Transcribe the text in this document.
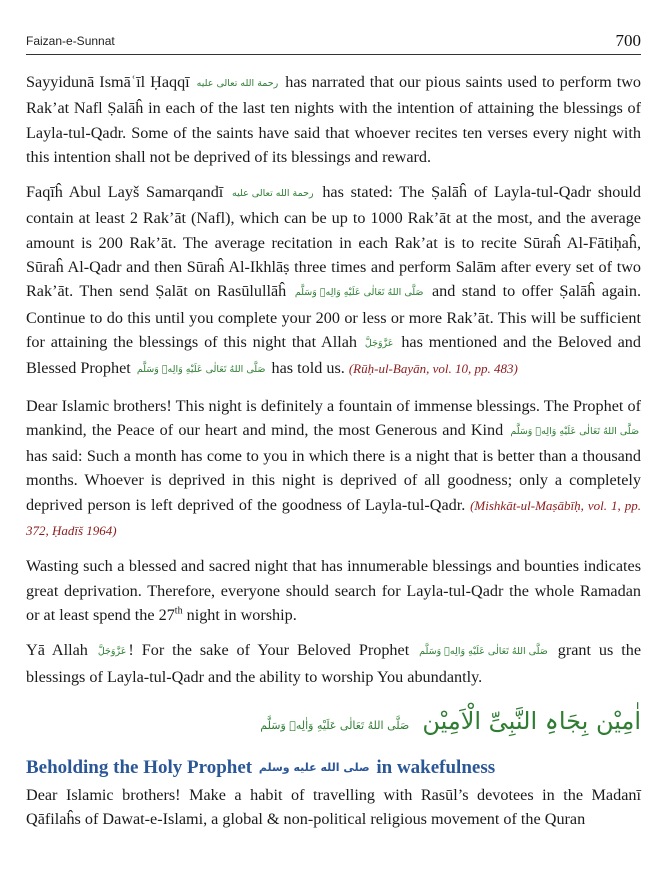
Faizan-e-Sunnat	700

Sayyidunā Ismāʿīl Ḥaqqī رحمة الله تعالى عليه has narrated that our pious saints used to perform two Rak’at Nafl Ṣalāĥ in each of the last ten nights with the intention of attaining the blessings of Layla-tul-Qadr. Some of the saints have said that whoever recites ten verses every night with this intention shall not be deprived of its blessings and reward.

Faqīĥ Abul Layš Samarqandī رحمة الله تعالى عليه has stated: The Ṣalāĥ of Layla-tul-Qadr should contain at least 2 Rak’āt (Nafl), which can be up to 1000 Rak’āt at the most, and the average amount is 200 Rak’āt. The average recitation in each Rak’at is to recite Sūraĥ Al-Fātiḥaĥ, Sūraĥ Al-Qadr and then Sūraĥ Al-Ikhlāṣ three times and perform Salām after every set of two Rak’āt. Then send Ṣalāt on Rasūlullāĥ صَلَّى اللهُ تَعَالٰى عَلَيْهِ وَالِهٖ وَسَلَّم and stand to offer Ṣalāĥ again. Continue to do this until you complete your 200 or less or more Rak’āt. This will be sufficient for attaining the blessings of this night that Allah عَزَّوَجَلَّ has mentioned and the Beloved and Blessed Prophet صَلَّى اللهُ تَعَالٰى عَلَيْهِ وَالِهٖ وَسَلَّم has told us. (Rūḥ-ul-Bayān, vol. 10, pp. 483)

Dear Islamic brothers! This night is definitely a fountain of immense blessings. The Prophet of mankind, the Peace of our heart and mind, the most Generous and Kind صَلَّى اللهُ تَعَالٰى عَلَيْهِ وَالِهٖ وَسَلَّم has said: Such a month has come to you in which there is a night that is better than a thousand months. Whoever is deprived in this night is deprived of all goodness; only a completely deprived person is left deprived of the goodness of Layla-tul-Qadr. (Mishkāt-ul-Maṣābīḥ, vol. 1, pp. 372, Ḥadīš 1964)

Wasting such a blessed and sacred night that has innumerable blessings and bounties indicates great deprivation. Therefore, everyone should search for Layla-tul-Qadr the whole Ramadan or at least spend the 27th night in worship.

Yā Allah عَزَّوَجَلَّ ! For the sake of Your Beloved Prophet صَلَّى اللهُ تَعَالٰى عَلَيْهِ وَالِهٖ وَسَلَّم grant us the blessings of Layla-tul-Qadr and the ability to worship You abundantly.

اٰمِیْن بِجَاہِ النَّبِیِّ الْاَمِیْن صَلَّى اللهُ تَعَالٰى عَلَيْهِ وَاٰلِهٖ وَسَلَّم
Beholding the Holy Prophet صلى الله عليه وسلم in wakefulness

Dear Islamic brothers! Make a habit of travelling with Rasūl’s devotees in the Madanī Qāfilaĥs of Dawat-e-Islami, a global & non-political religious movement of the Quran
